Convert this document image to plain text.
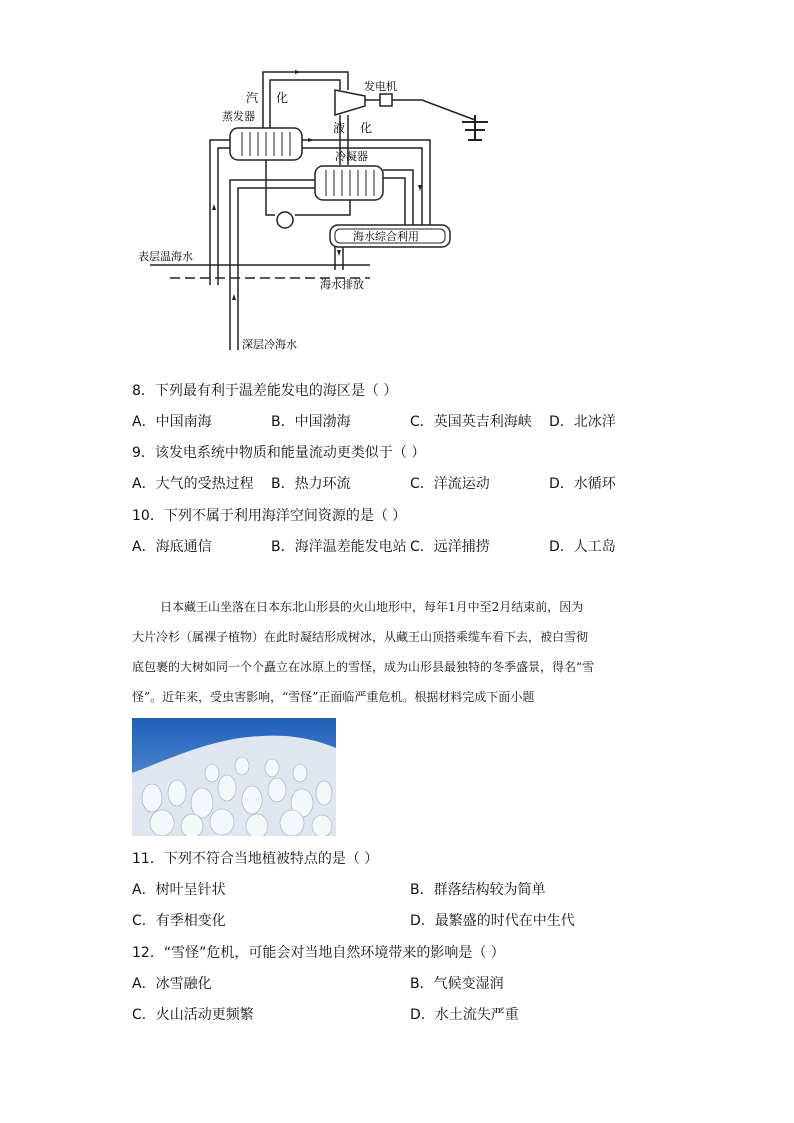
汽 化
蒸发器
发电机
液 化
冷凝器
表层温海水
海水综合利用
海水排放
深层冷海水
8．下列最有利于温差能发电的海区是（ ）
A．中国南海	B．中国渤海	C．英国英吉利海峡 D．北冰洋
9．该发电系统中物质和能量流动更类似于（ ）
A．大气的受热过程 B．热力环流	C．洋流运动	D．水循环
10．下列不属于利用海洋空间资源的是（ ）
A．海底通信	B．海洋温差能发电站 C．远洋捕捞	D．人工岛

日本藏王山坐落在日本东北山形县的火山地形中，每年1月中至2月结束前，因为

大片冷杉（属裸子植物）在此时凝结形成树冰，从藏王山顶搭乘缆车看下去，被白雪彻

底包裹的大树如同一个个矗立在冰原上的雪怪，成为山形县最独特的冬季盛景，得名“雪

怪”。近年来，受虫害影响，“雪怪”正面临严重危机。根据材料完成下面小题

11．下列不符合当地植被特点的是（ ）
A．树叶呈针状	B．群落结构较为简单
C．有季相变化	D．最繁盛的时代在中生代
12．“雪怪”危机，可能会对当地自然环境带来的影响是（ ）
A．冰雪融化	B．气候变湿润
C．火山活动更频繁	D．水土流失严重
